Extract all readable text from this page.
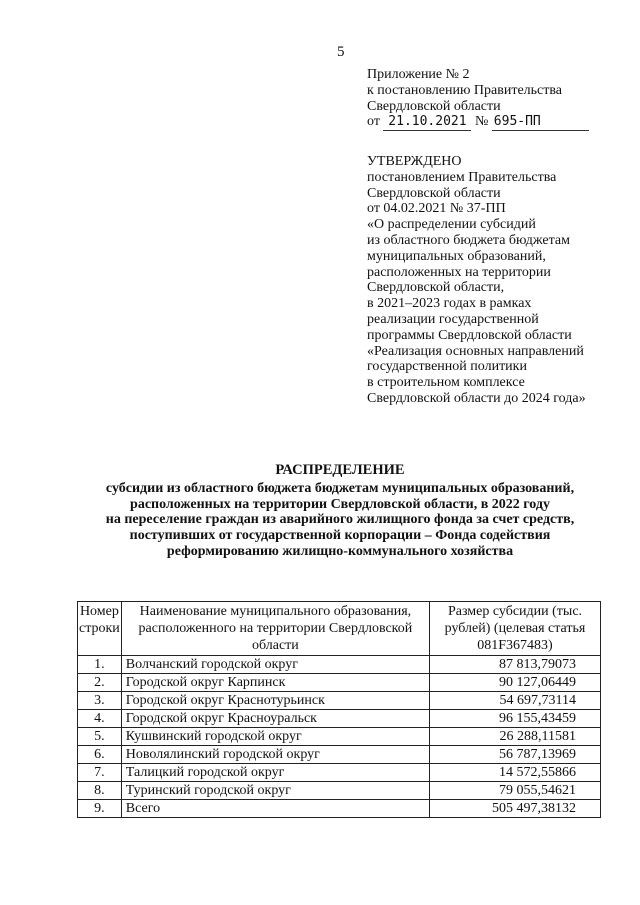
5
Приложение № 2
к постановлению Правительства
Свердловской области
от 21.10.2021 № 695-ПП
УТВЕРЖДЕНО
постановлением Правительства
Свердловской области
от 04.02.2021 № 37-ПП
«О распределении субсидий
из областного бюджета бюджетам
муниципальных образований,
расположенных на территории
Свердловской области,
в 2021–2023 годах в рамках
реализации государственной
программы Свердловской области
«Реализация основных направлений
государственной политики
в строительном комплексе
Свердловской области до 2024 года»
РАСПРЕДЕЛЕНИЕ
субсидии из областного бюджета бюджетам муниципальных образований,
расположенных на территории Свердловской области, в 2022 году
на переселение граждан из аварийного жилищного фонда за счет средств,
поступивших от государственной корпорации – Фонда содействия
реформированию жилищно-коммунального хозяйства
Номер строки	Наименование муниципального образования, расположенного на территории Свердловской области	Размер субсидии (тыс. рублей) (целевая статья 081F367483)
1.	Волчанский городской округ	87 813,79073
2.	Городской округ Карпинск	90 127,06449
3.	Городской округ Краснотурьинск	54 697,73114
4.	Городской округ Красноуральск	96 155,43459
5.	Кушвинский городской округ	26 288,11581
6.	Новолялинский городской округ	56 787,13969
7.	Талицкий городской округ	14 572,55866
8.	Туринский городской округ	79 055,54621
9.	Всего	505 497,38132
